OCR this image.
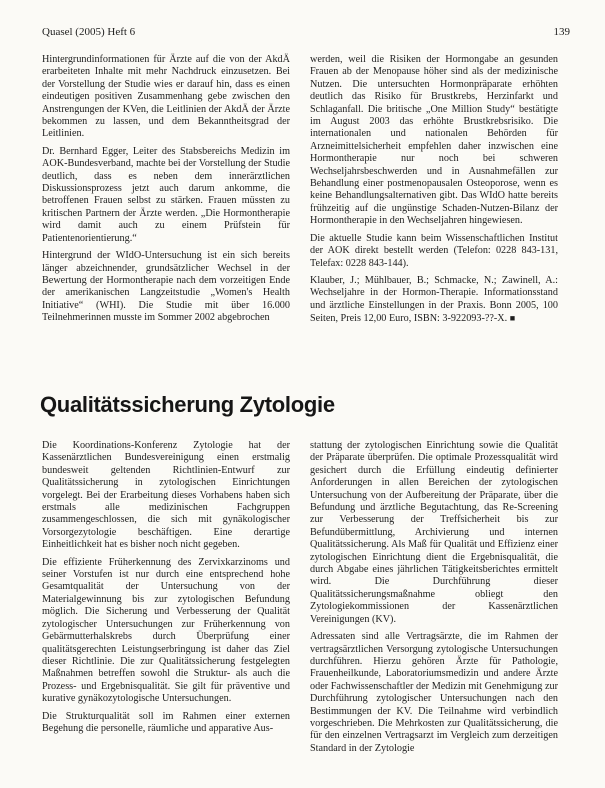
Quasel (2005) Heft 6	139

Hintergrundinformationen für Ärzte auf die von der AkdÄ erarbeiteten Inhalte mit mehr Nachdruck einzusetzen. Bei der Vorstellung der Studie wies er darauf hin, dass es einen eindeutigen positiven Zusammenhang gebe zwischen den Anstrengungen der KVen, die Leitlinien der AkdÄ der Ärzte bekommen zu lassen, und dem Bekanntheitsgrad der Leitlinien.

Dr. Bernhard Egger, Leiter des Stabsbereichs Medizin im AOK-Bundesverband, machte bei der Vorstellung der Studie deutlich, dass es neben dem innerärztlichen Diskussionsprozess jetzt auch darum ankomme, die betroffenen Frauen selbst zu stärken. Frauen müssten zu kritischen Partnern der Ärzte werden. „Die Hormontherapie wird damit auch zu einem Prüfstein für Patientenorientierung.“

Hintergrund der WIdO-Untersuchung ist ein sich bereits länger abzeichnender, grundsätzlicher Wechsel in der Bewertung der Hormontherapie nach dem vorzeitigen Ende der amerikanischen Langzeitstudie „Women's Health Initiative“ (WHI). Die Studie mit über 16.000 Teilnehmerinnen musste im Sommer 2002 abgebrochen

werden, weil die Risiken der Hormongabe an gesunden Frauen ab der Menopause höher sind als der medizinische Nutzen. Die untersuchten Hormonpräparate erhöhten deutlich das Risiko für Brustkrebs, Herzinfarkt und Schlaganfall. Die britische „One Million Study“ bestätigte im August 2003 das erhöhte Brustkrebsrisiko. Die internationalen und nationalen Behörden für Arzneimittelsicherheit empfehlen daher inzwischen eine Hormontherapie nur noch bei schweren Wechseljahrsbeschwerden und in Ausnahmefällen zur Behandlung einer postmenopausalen Osteoporose, wenn es keine Behandlungsalternativen gibt. Das WIdO hatte bereits frühzeitig auf die ungünstige Schaden-Nutzen-Bilanz der Hormontherapie in den Wechseljahren hingewiesen.

Die aktuelle Studie kann beim Wissenschaftlichen Institut der AOK direkt bestellt werden (Telefon: 0228 843-131, Telefax: 0228 843-144).

Klauber, J.; Mühlbauer, B.; Schmacke, N.; Zawinell, A.: Wechseljahre in der Hormon-Therapie. Informationsstand und ärztliche Einstellungen in der Praxis. Bonn 2005, 100 Seiten, Preis 12,00 Euro, ISBN: 3-922093-??-X. ■

Qualitätssicherung Zytologie

Die Koordinations-Konferenz Zytologie hat der Kassenärztlichen Bundesvereinigung einen erstmalig bundesweit geltenden Richtlinien-Entwurf zur Qualitätssicherung in zytologischen Einrichtungen vorgelegt. Bei der Erarbeitung dieses Vorhabens haben sich erstmals alle medizinischen Fachgruppen zusammengeschlossen, die sich mit gynäkologischer Vorsorgezytologie beschäftigen. Eine derartige Einheitlichkeit hat es bisher noch nicht gegeben.

Die effiziente Früherkennung des Zervixkarzinoms und seiner Vorstufen ist nur durch eine entsprechend hohe Gesamtqualität der Untersuchung von der Materialgewinnung bis zur zytologischen Befundung möglich. Die Sicherung und Verbesserung der Qualität zytologischer Untersuchungen zur Früherkennung von Gebärmutterhalskrebs durch Überprüfung einer qualitätsgerechten Leistungserbringung ist daher das Ziel dieser Richtlinie. Die zur Qualitätssicherung festgelegten Maßnahmen betreffen sowohl die Struktur- als auch die Prozess- und Ergebnisqualität. Sie gilt für präventive und kurative gynäkozytologische Untersuchungen.

Die Strukturqualität soll im Rahmen einer externen Begehung die personelle, räumliche und apparative Aus-

stattung der zytologischen Einrichtung sowie die Qualität der Präparate überprüfen. Die optimale Prozessqualität wird gesichert durch die Erfüllung eindeutig definierter Anforderungen in allen Bereichen der zytologischen Untersuchung von der Aufbereitung der Präparate, über die Befundung und ärztliche Begutachtung, das Re-Screening zur Verbesserung der Treffsicherheit bis zur Befundübermittlung, Archivierung und internen Qualitätssicherung. Als Maß für Qualität und Effizienz einer zytologischen Einrichtung dient die Ergebnisqualität, die durch Abgabe eines jährlichen Tätigkeitsberichtes ermittelt wird. Die Durchführung dieser Qualitätssicherungsmaßnahme obliegt den Zytologiekommissionen der Kassenärztlichen Vereinigungen (KV).

Adressaten sind alle Vertragsärzte, die im Rahmen der vertragsärztlichen Versorgung zytologische Untersuchungen durchführen. Hierzu gehören Ärzte für Pathologie, Frauenheilkunde, Laboratoriumsmedizin und andere Ärzte oder Fachwissenschaftler der Medizin mit Genehmigung zur Durchführung zytologischer Untersuchungen nach den Bestimmungen der KV. Die Teilnahme wird verbindlich vorgeschrieben. Die Mehrkosten zur Qualitätssicherung, die für den einzelnen Vertragsarzt im Vergleich zum derzeitigen Standard in der Zytologie
